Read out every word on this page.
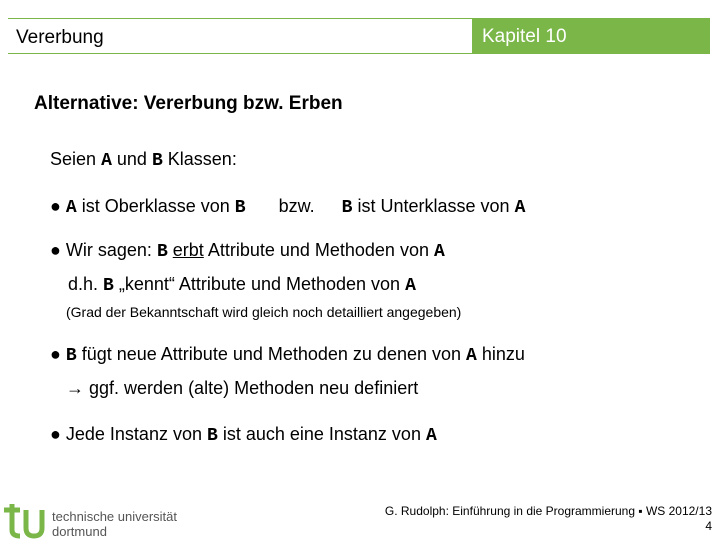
Vererbung	Kapitel 10
Alternative: Vererbung bzw. Erben
Seien A und B Klassen:
● A ist Oberklasse von B bzw. B ist Unterklasse von A
● Wir sagen: B erbt Attribute und Methoden von A
d.h. B „kennt“ Attribute und Methoden von A
(Grad der Bekanntschaft wird gleich noch detailliert angegeben)
● B fügt neue Attribute und Methoden zu denen von A hinzu
→ ggf. werden (alte) Methoden neu definiert
● Jede Instanz von B ist auch eine Instanz von A
technische universität
dortmund
G. Rudolph: Einführung in die Programmierung ▪ WS 2012/13
4
